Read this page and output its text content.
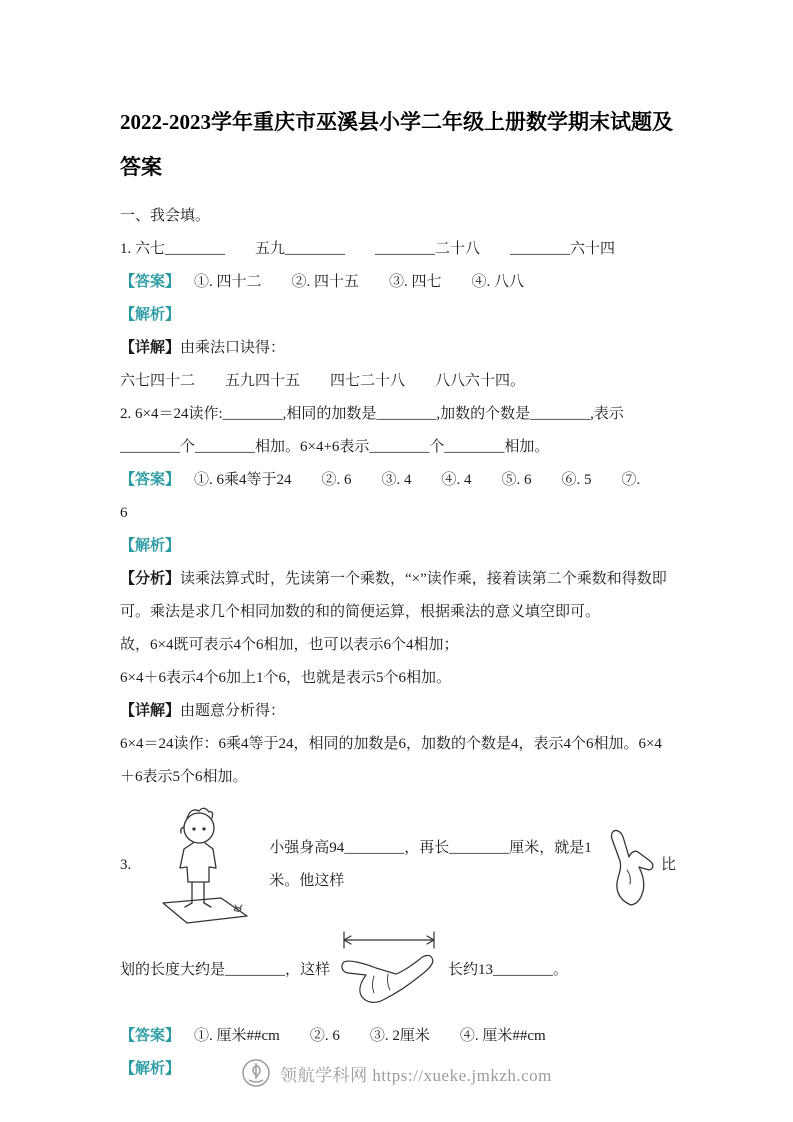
2022-2023学年重庆市巫溪县小学二年级上册数学期末试题及答案

一、我会填。

1. 六七________　　五九________　　________二十八　　________六十四

【答案】 ①. 四十二　　②. 四十五　　③. 四七　　④. 八八

【解析】

【详解】由乘法口诀得：

六七四十二　　五九四十五　　四七二十八　　八八六十四。

2. 6×4＝24读作:________,相同的加数是________,加数的个数是________,表示________个________相加。6×4+6表示________个________相加。

【答案】 ①. 6乘4等于24　　②. 6　　③. 4　　④. 4　　⑤. 6　　⑥. 5　　⑦.

6

【解析】

【分析】读乘法算式时，先读第一个乘数，“×”读作乘，接着读第二个乘数和得数即可。乘法是求几个相同加数的和的简便运算，根据乘法的意义填空即可。

故，6×4既可表示4个6相加，也可以表示6个4相加；

6×4＋6表示4个6加上1个6，也就是表示5个6相加。

【详解】由题意分析得：

6×4＝24读作：6乘4等于24，相同的加数是6，加数的个数是4，表示4个6相加。6×4＋6表示5个6相加。

3.
小强身高94________，再长________厘米，就是1米。他这样
比
划的长度大约是________，这样	长约13________。

【答案】 ①. 厘米##cm　　②. 6　　③. 2厘米　　④. 厘米##cm

【解析】	领航学科网 https://xueke.jmkzh.com
